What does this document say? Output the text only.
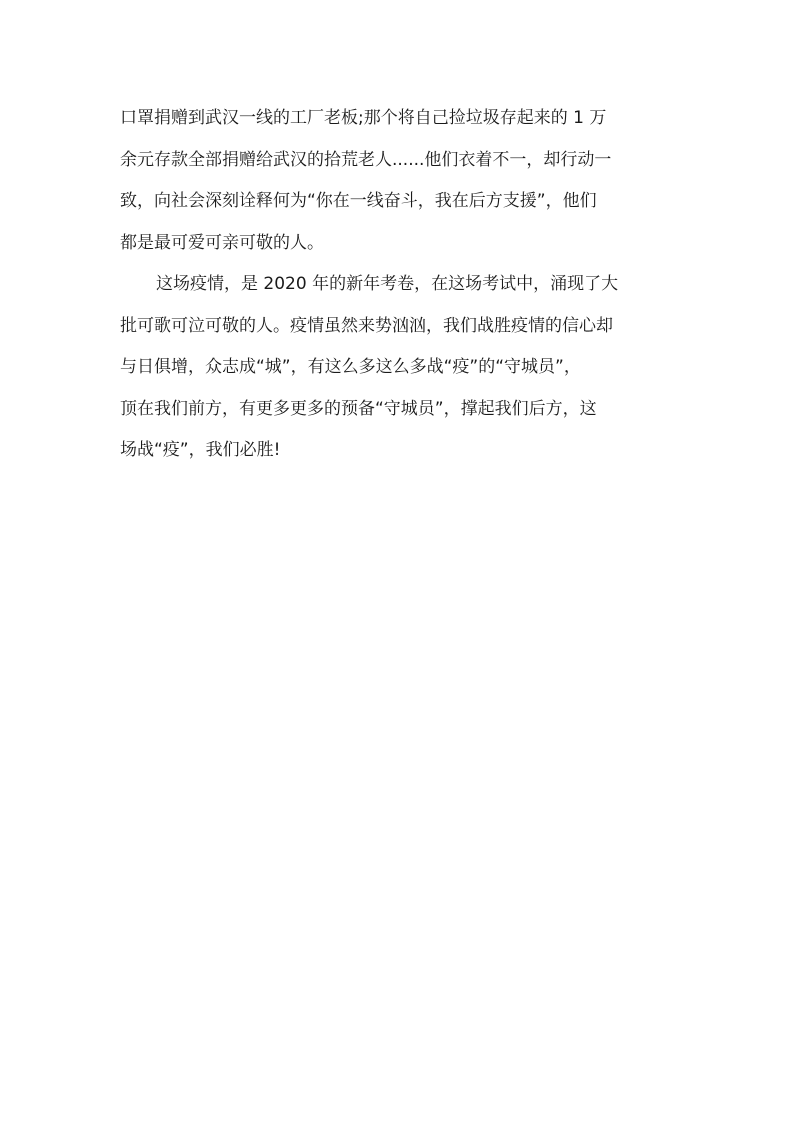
口罩捐赠到武汉一线的工厂老板;那个将自己捡垃圾存起来的 1 万
余元存款全部捐赠给武汉的拾荒老人......他们衣着不一，却行动一
致，向社会深刻诠释何为“你在一线奋斗，我在后方支援”，他们
都是最可爱可亲可敬的人。
这场疫情，是 2020 年的新年考卷，在这场考试中，涌现了大
批可歌可泣可敬的人。疫情虽然来势汹汹，我们战胜疫情的信心却
与日俱增，众志成“城”，有这么多这么多战“疫”的“守城员”，
顶在我们前方，有更多更多的预备“守城员”，撑起我们后方，这
场战“疫”，我们必胜!
